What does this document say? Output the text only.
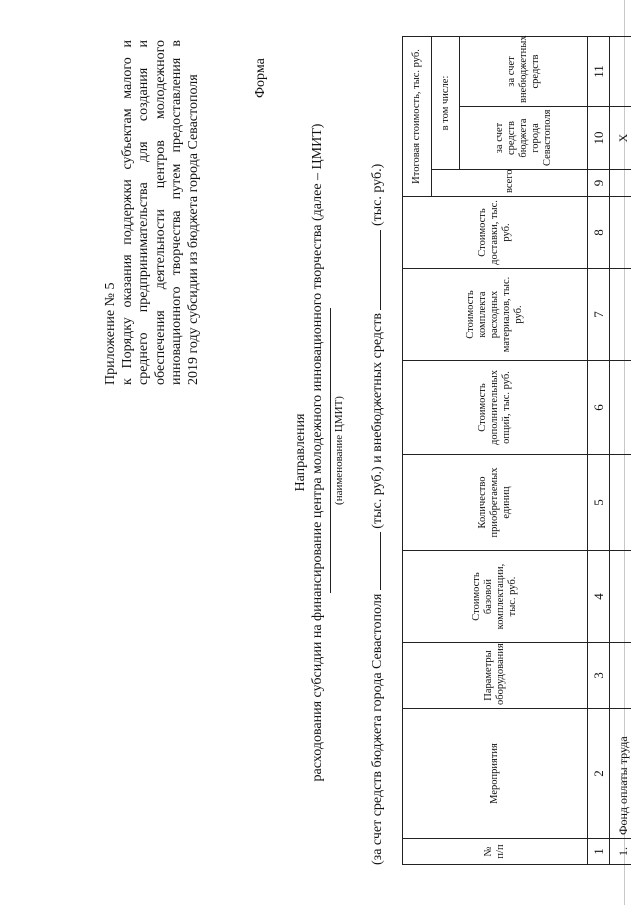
Приложение № 5 к Порядку оказания поддержки субъектам малого и среднего предпринимательства для создания и обеспечения деятельности центров молодежного инновационного творчества путем предоставления в 2019 году субсидии из бюджета города Севастополя	Форма
Направления расходования субсидии на финансирование центра молодежного инновационного творчества (далее – ЦМИТ) (наименование ЦМИТ)
(за счет средств бюджета города Севастополя  (тыс. руб.) и внебюджетных средств  (тыс. руб.)
№ п/п	Мероприятия	Параметры оборудования	Стоимость базовой комплектации, тыс. руб.	Количество приобретаемых единиц	Стоимость дополнительных опций, тыс. руб.	Стоимость комплекта расходных материалов, тыс. руб.	Стоимость доставки, тыс. руб.	Итоговая стоимость, тыс. руб.		
								всего	в том числе:	
									за счет средств бюджета города Севастополя	за счет внебюджетных средств
1	2	3	4	5	6	7	8	9	10	11
1.	Фонд оплаты труда								X	
